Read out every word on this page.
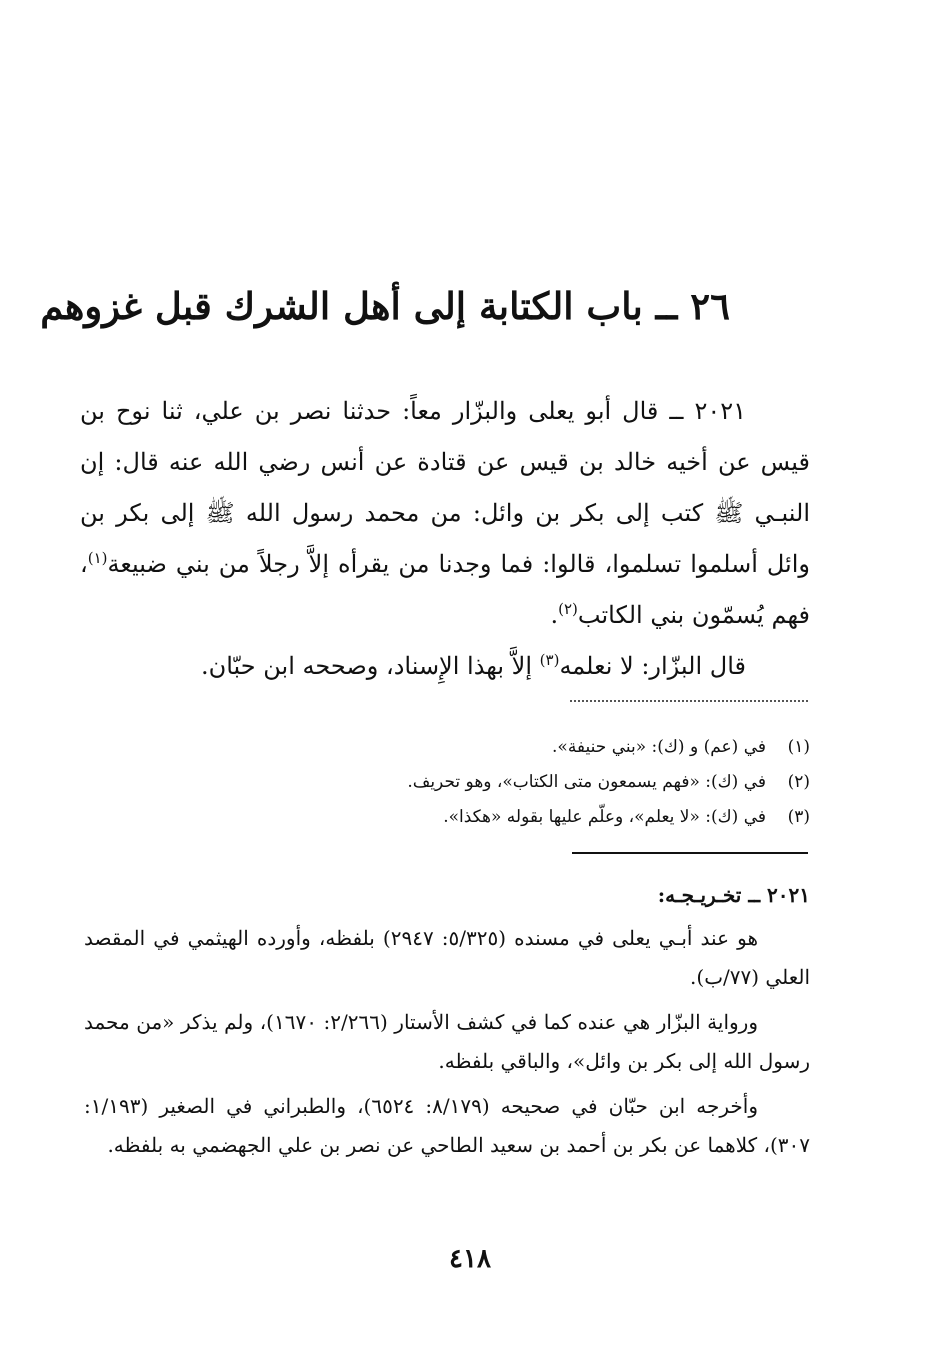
٢٦ ــ باب الكتابة إلى أهل الشرك قبل غزوهم

٢٠٢١ ــ قال أبو يعلى والبزّار معاً: حدثنا نصر بن علي، ثنا نوح بن قيس عن أخيه خالد بن قيس عن قتادة عن أنس رضي الله عنه قال: إن النبـي ﷺ كتب إلى بكر بن وائل: من محمد رسول الله ﷺ إلى بكر بن وائل أسلموا تسلموا، قالوا: فما وجدنا من يقرأه إلاَّ رجلاً من بني ضبيعة$^{(١)}$، فهم يُسمّون بني الكاتب$^{(٢)}$.

قال البزّار: لا نعلمه$^{(٣)}$ إلاَّ بهذا الإِسناد، وصححه ابن حبّان.

(١)في (عم) و (ك): «بني حنيفة».

(٢)في (ك): «فهم يسمعون متى الكتاب»، وهو تحريف.

(٣)في (ك): «لا يعلم»، وعلّم عليها بقوله «هكذا».

٢٠٢١ ــ تخـريـجـه:

هو عند أبـي يعلى في مسنده (٥/٣٢٥: ٢٩٤٧) بلفظه، وأورده الهيثمي في المقصد العلي (٧٧/ب).

ورواية البزّار هي عنده كما في كشف الأستار (٢/٢٦٦: ١٦٧٠)، ولم يذكر «من محمد رسول الله إلى بكر بن وائل»، والباقي بلفظه.

وأخرجه ابن حبّان في صحيحه (٨/١٧٩: ٦٥٢٤)، والطبراني في الصغير (١/١٩٣: ٣٠٧)، كلاهما عن بكر بن أحمد بن سعيد الطاحي عن نصر بن علي الجهضمي به بلفظه.

٤١٨
